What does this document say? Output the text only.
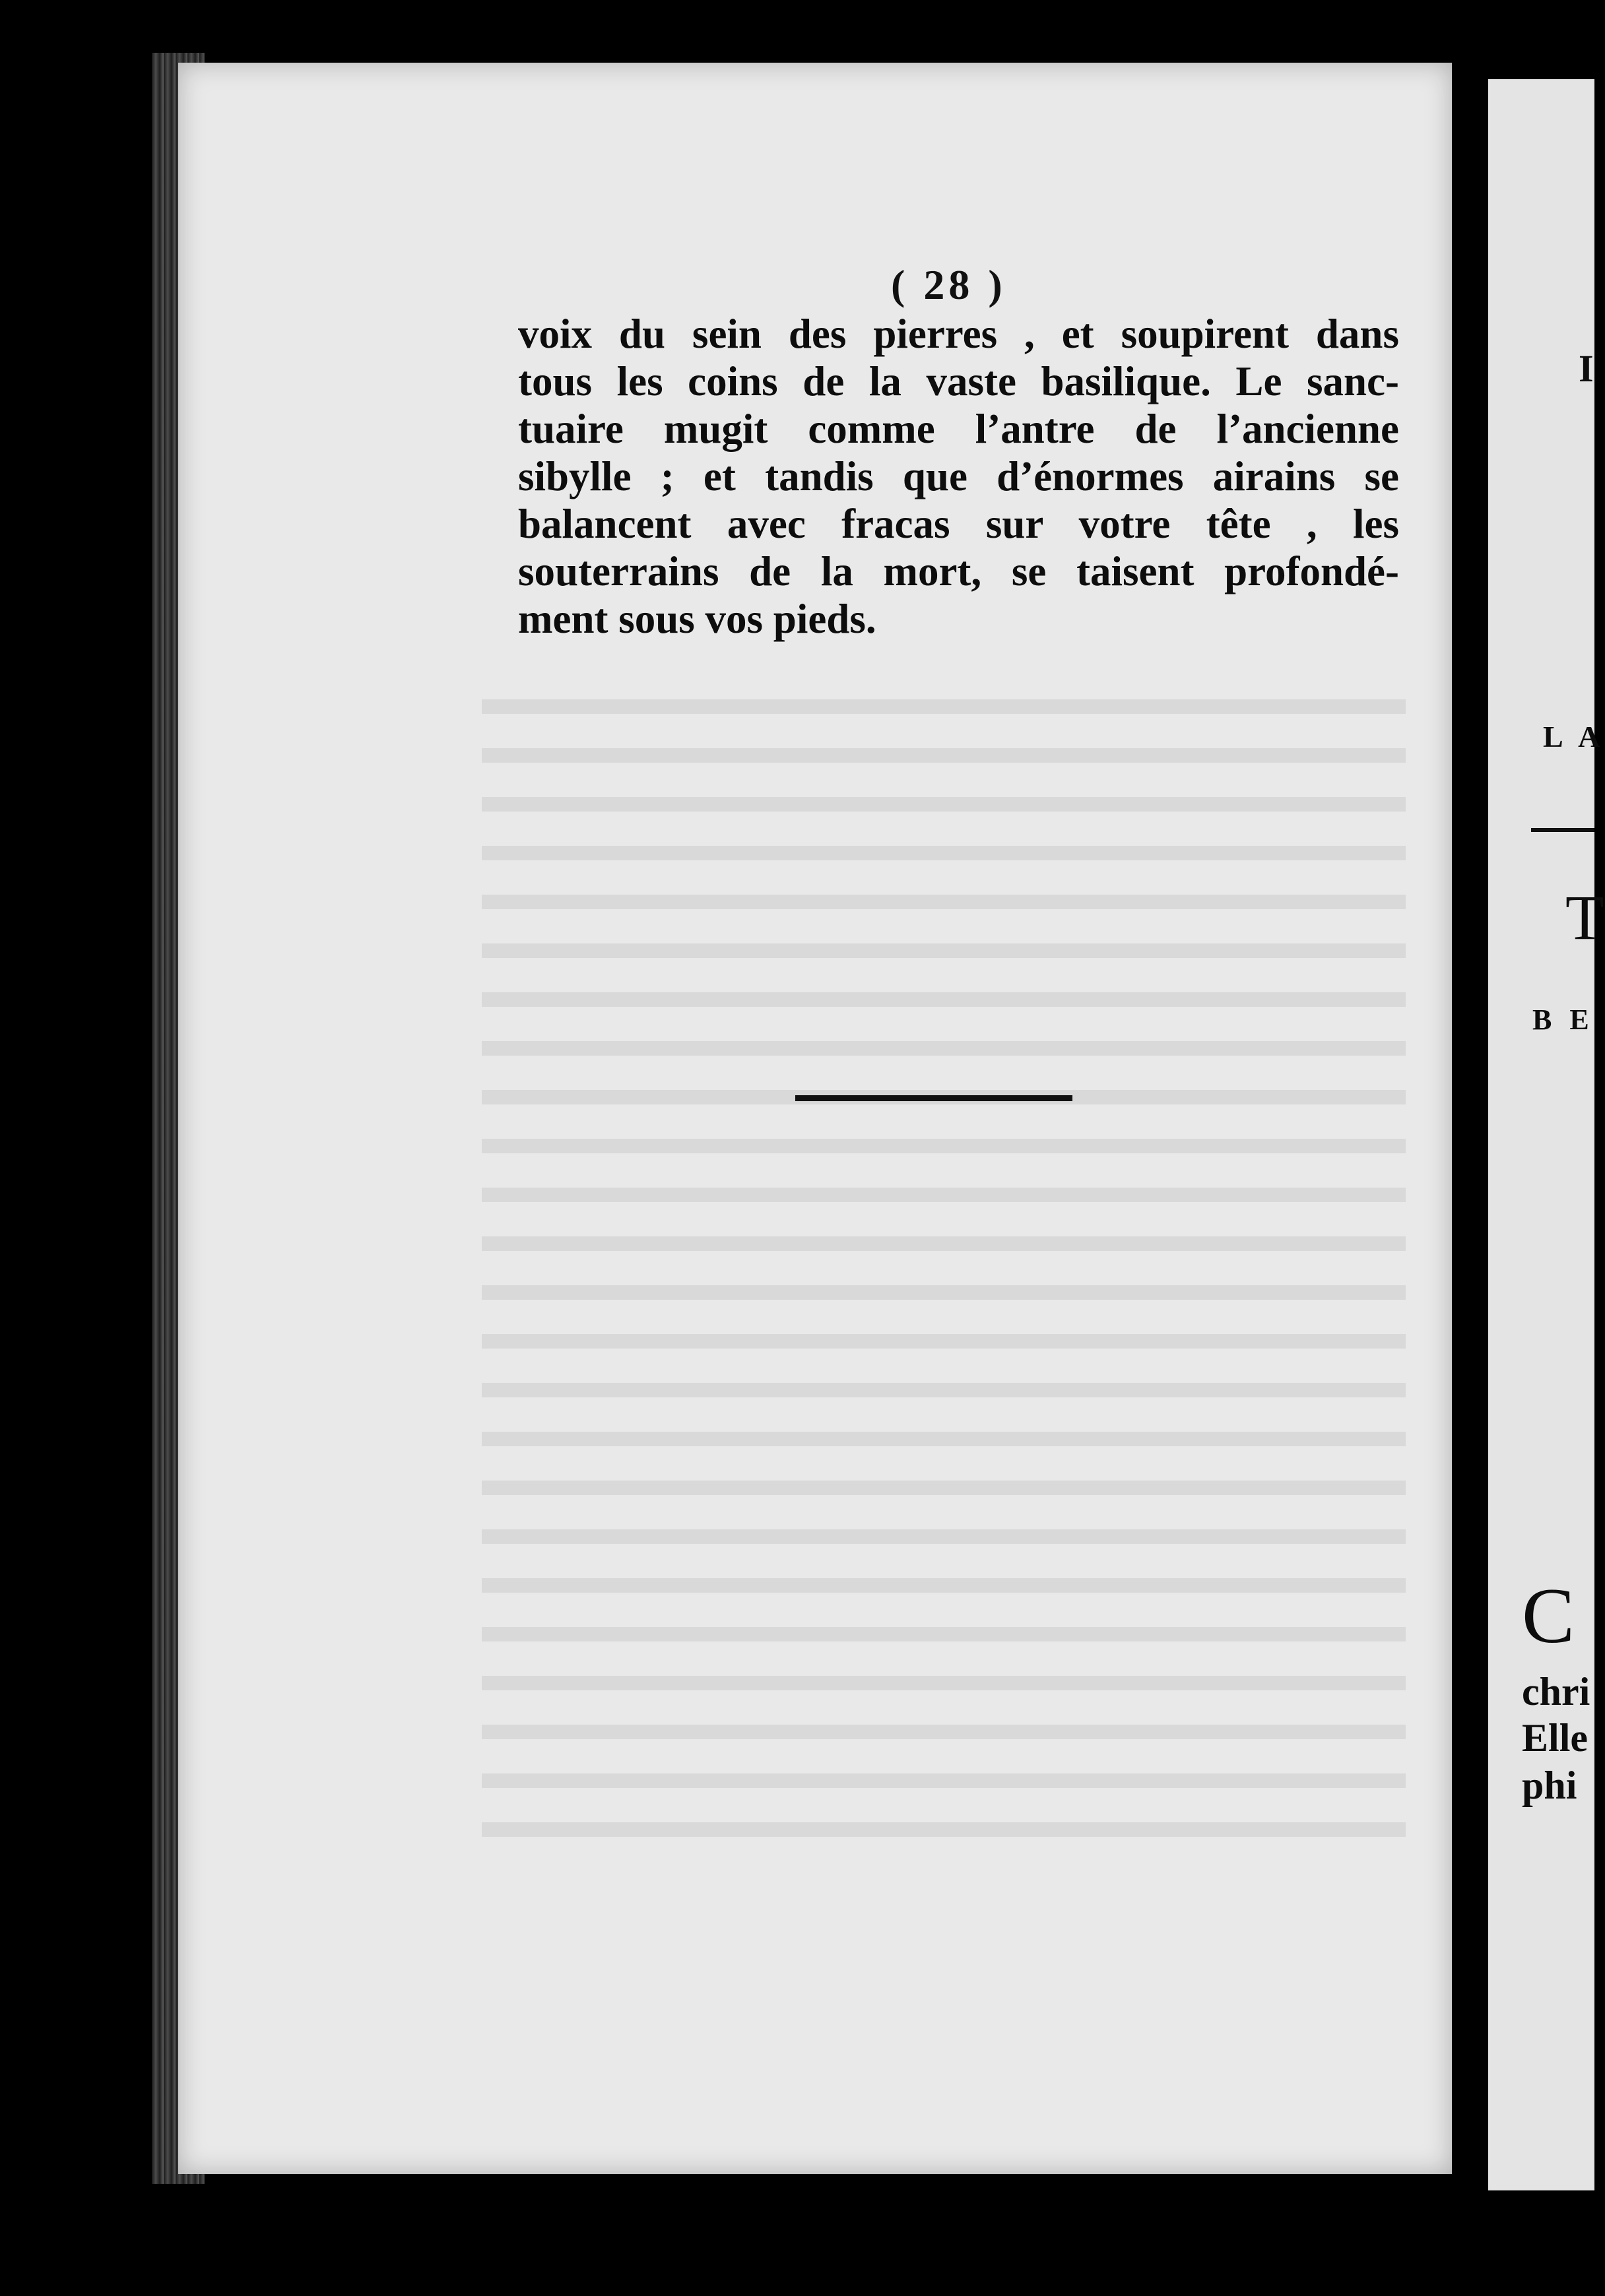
( 28 )
voix du sein des pierres , et soupirent dans
tous les coins de la vaste basilique. Le sanc-
tuaire mugit comme l’antre de l’ancienne
sibylle ; et tandis que d’énormes airains se
balancent avec fracas sur votre tête , les
souterrains de la mort, se taisent profondé-
ment sous vos pieds.
I
L A
T
B E
C
chri
Elle
phi
